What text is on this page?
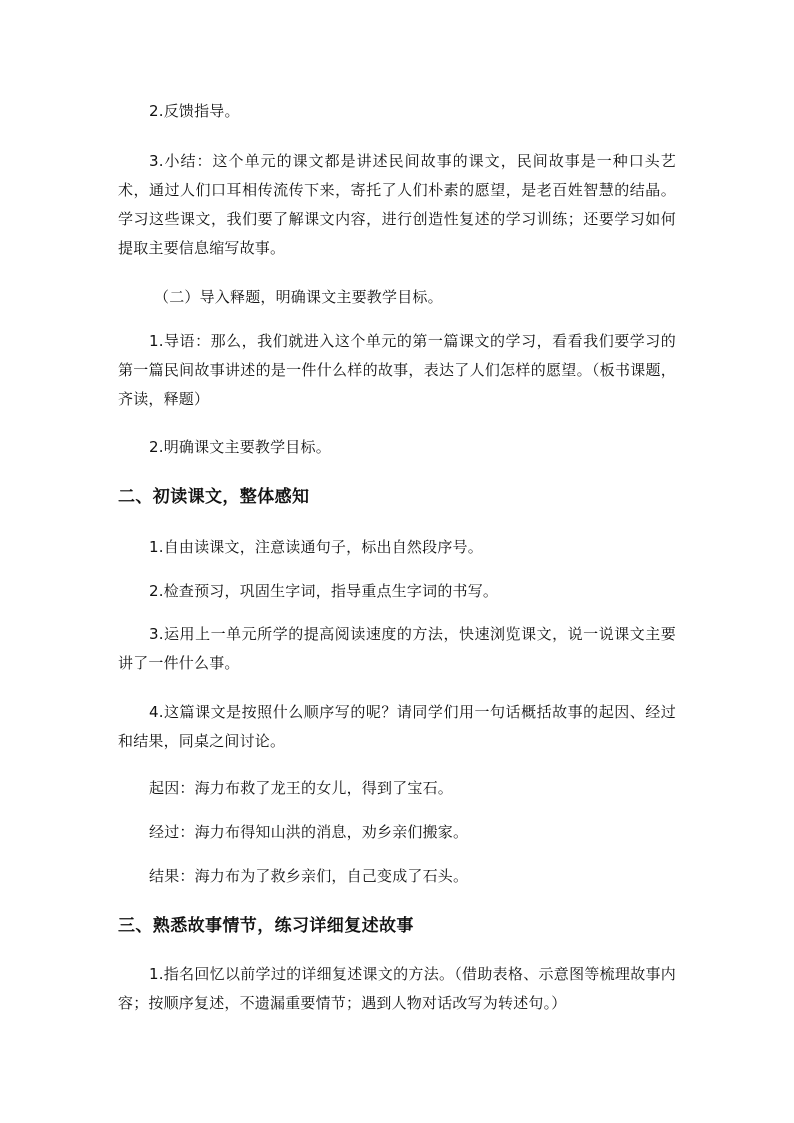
2.反馈指导。

3.小结：这个单元的课文都是讲述民间故事的课文，民间故事是一种口头艺术，通过人们口耳相传流传下来，寄托了人们朴素的愿望，是老百姓智慧的结晶。学习这些课文，我们要了解课文内容，进行创造性复述的学习训练；还要学习如何提取主要信息缩写故事。

（二）导入释题，明确课文主要教学目标。

1.导语：那么，我们就进入这个单元的第一篇课文的学习，看看我们要学习的第一篇民间故事讲述的是一件什么样的故事，表达了人们怎样的愿望。（板书课题，齐读，释题）

2.明确课文主要教学目标。

二、初读课文，整体感知

1.自由读课文，注意读通句子，标出自然段序号。

2.检查预习，巩固生字词，指导重点生字词的书写。

3.运用上一单元所学的提高阅读速度的方法，快速浏览课文，说一说课文主要讲了一件什么事。

4.这篇课文是按照什么顺序写的呢？请同学们用一句话概括故事的起因、经过和结果，同桌之间讨论。

起因：海力布救了龙王的女儿，得到了宝石。

经过：海力布得知山洪的消息，劝乡亲们搬家。

结果：海力布为了救乡亲们，自己变成了石头。

三、熟悉故事情节，练习详细复述故事

1.指名回忆以前学过的详细复述课文的方法。（借助表格、示意图等梳理故事内容；按顺序复述，不遗漏重要情节；遇到人物对话改写为转述句。）
